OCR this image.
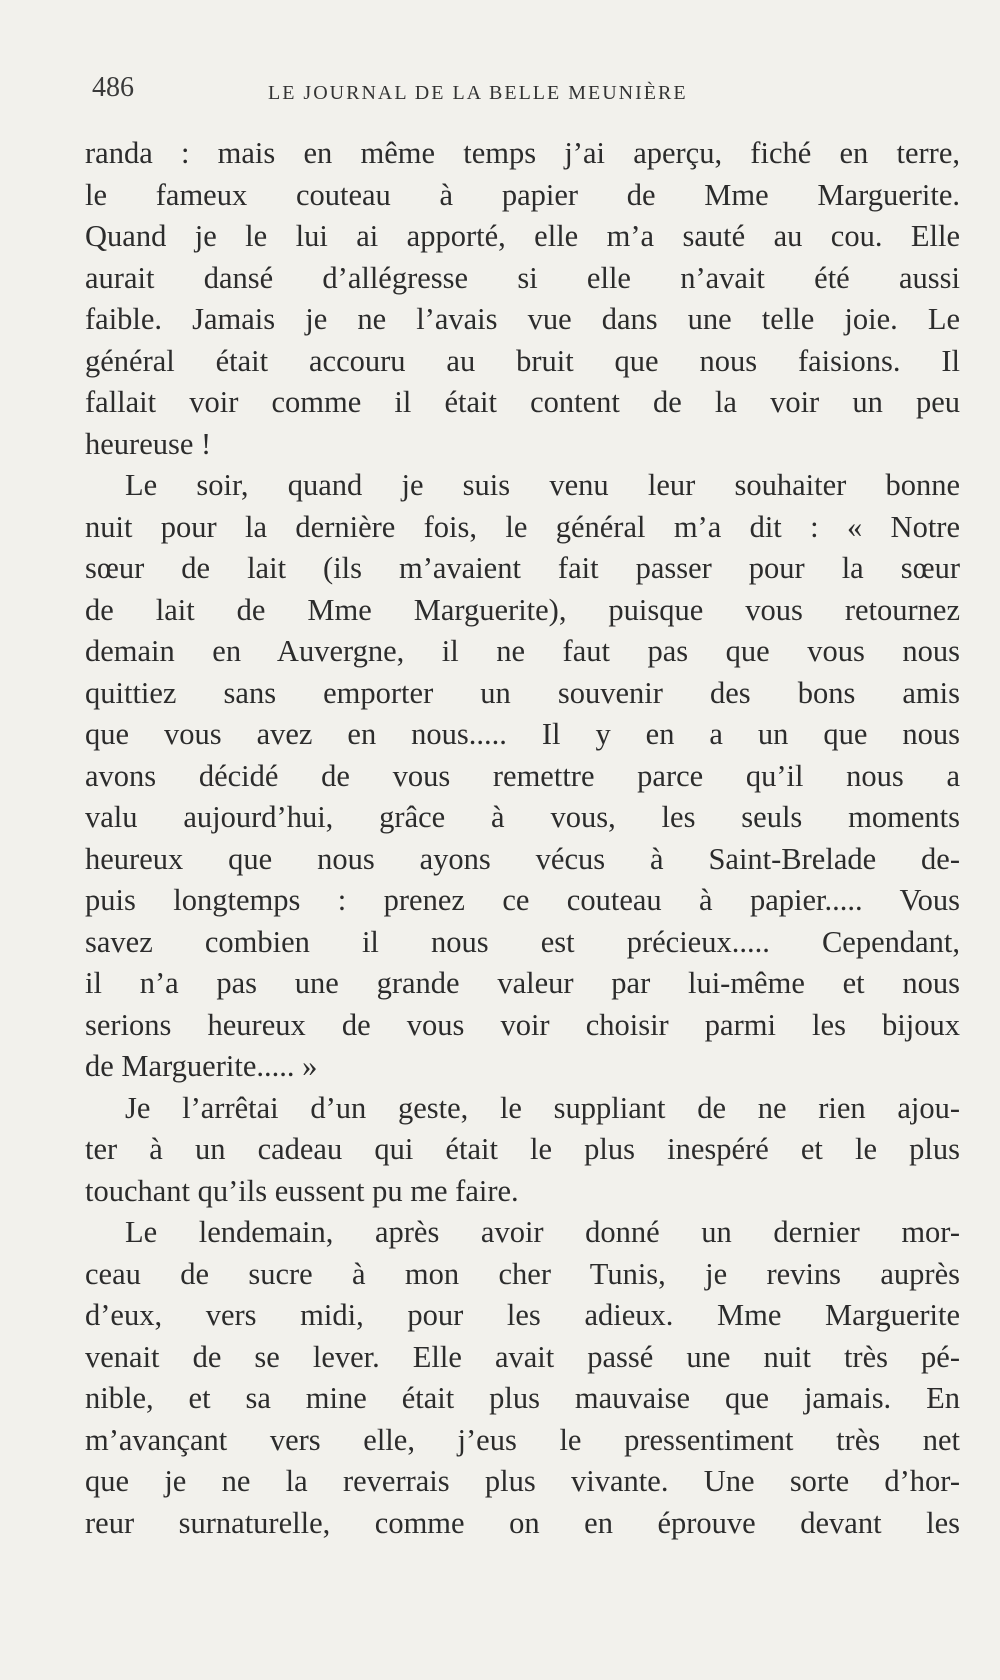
486	LE JOURNAL DE LA BELLE MEUNIÈRE
randa : mais en même temps j’ai aperçu, fiché en terre,
le fameux couteau à papier de Mme Marguerite.
Quand je le lui ai apporté, elle m’a sauté au cou. Elle
aurait dansé d’allégresse si elle n’avait été aussi
faible. Jamais je ne l’avais vue dans une telle joie. Le
général était accouru au bruit que nous faisions. Il
fallait voir comme il était content de la voir un peu
heureuse !
Le soir, quand je suis venu leur souhaiter bonne
nuit pour la dernière fois, le général m’a dit : « Notre
sœur de lait (ils m’avaient fait passer pour la sœur
de lait de Mme Marguerite), puisque vous retournez
demain en Auvergne, il ne faut pas que vous nous
quittiez sans emporter un souvenir des bons amis
que vous avez en nous..... Il y en a un que nous
avons décidé de vous remettre parce qu’il nous a
valu aujourd’hui, grâce à vous, les seuls moments
heureux que nous ayons vécus à Saint-Brelade de-
puis longtemps : prenez ce couteau à papier..... Vous
savez combien il nous est précieux..... Cependant,
il n’a pas une grande valeur par lui-même et nous
serions heureux de vous voir choisir parmi les bijoux
de Marguerite..... »
Je l’arrêtai d’un geste, le suppliant de ne rien ajou-
ter à un cadeau qui était le plus inespéré et le plus
touchant qu’ils eussent pu me faire.
Le lendemain, après avoir donné un dernier mor-
ceau de sucre à mon cher Tunis, je revins auprès
d’eux, vers midi, pour les adieux. Mme Marguerite
venait de se lever. Elle avait passé une nuit très pé-
nible, et sa mine était plus mauvaise que jamais. En
m’avançant vers elle, j’eus le pressentiment très net
que je ne la reverrais plus vivante. Une sorte d’hor-
reur surnaturelle, comme on en éprouve devant les
